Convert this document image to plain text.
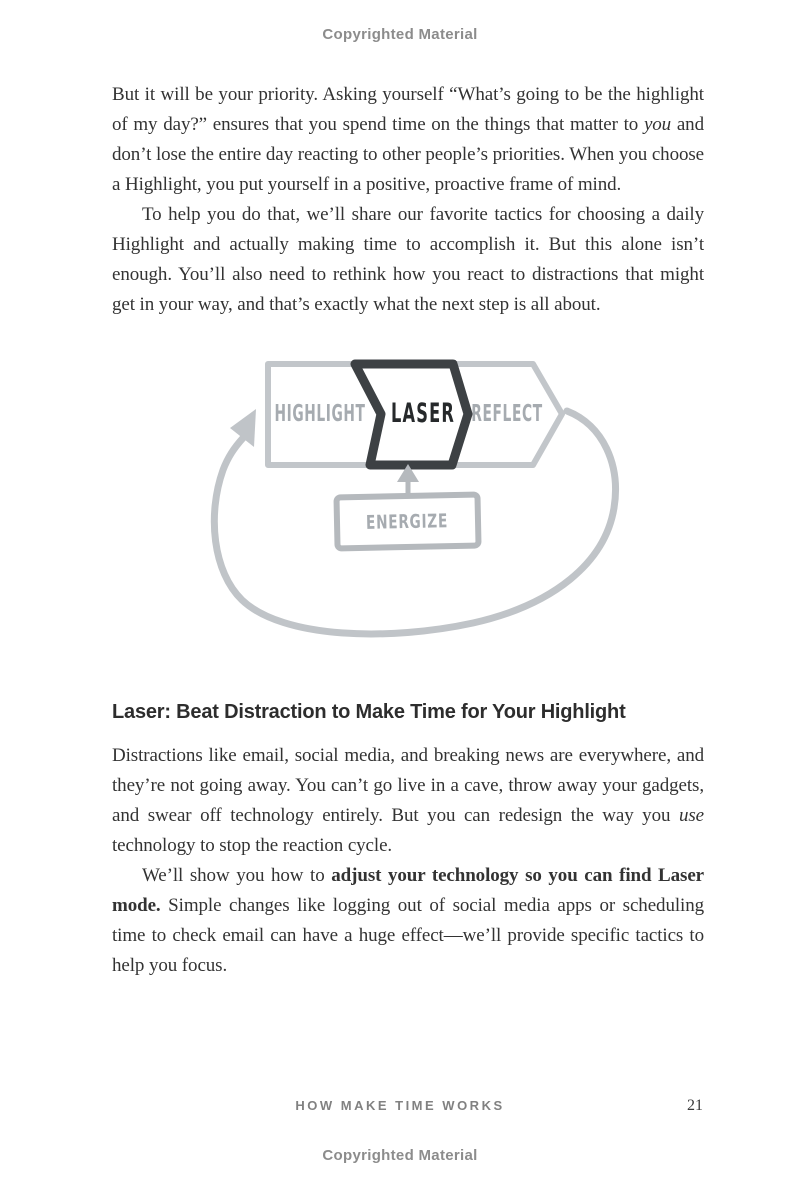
Copyrighted Material

But it will be your priority. Asking yourself “What’s going to be the highlight of my day?” ensures that you spend time on the things that matter to you and don’t lose the entire day reacting to other people’s priorities. When you choose a Highlight, you put yourself in a positive, proactive frame of mind.

To help you do that, we’ll share our favorite tactics for choosing a daily Highlight and actually making time to accomplish it. But this alone isn’t enough. You’ll also need to rethink how you react to distractions that might get in your way, and that’s exactly what the next step is all about.

HIGHLIGHT LASER REFLECT
ENERGIZE
Laser: Beat Distraction to Make Time for Your Highlight

Distractions like email, social media, and breaking news are everywhere, and they’re not going away. You can’t go live in a cave, throw away your gadgets, and swear off technology entirely. But you can redesign the way you use technology to stop the reaction cycle.

We’ll show you how to adjust your technology so you can find Laser mode. Simple changes like logging out of social media apps or scheduling time to check email can have a huge effect—we’ll provide specific tactics to help you focus.

HOW MAKE TIME WORKS	21
Copyrighted Material
